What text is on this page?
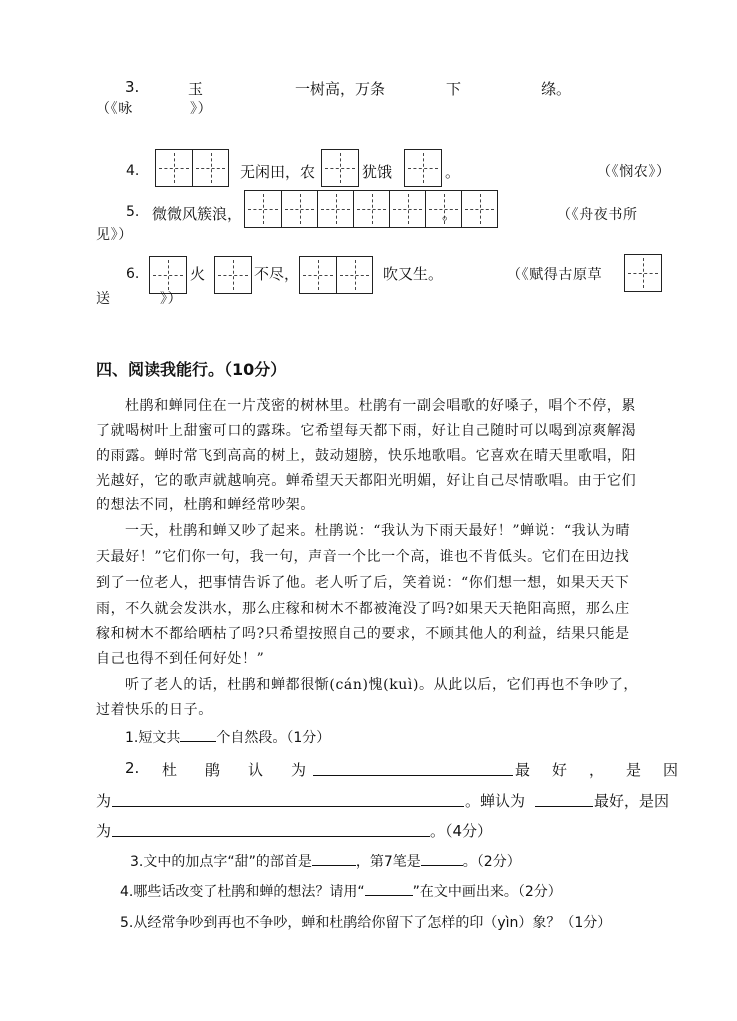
3.	玉	一树高，万条	下	绦。
（《咏	》）
4.	无闲田，农	犹饿	。	（《悯农》）
5. 微微风簇浪，	。	（《舟夜书所
见》）
6.	火	不尽，	吹又生。	（《赋得古原草
送	》）
四、阅读我能行。（10分）
杜鹃和蝉同住在一片茂密的树林里。杜鹃有一副会唱歌的好嗓子，唱个不停，累
了就喝树叶上甜蜜可口的露珠。它希望每天都下雨，好让自己随时可以喝到凉爽解渴
的雨露。蝉时常飞到高高的树上，鼓动翅膀，快乐地歌唱。它喜欢在晴天里歌唱，阳
光越好，它的歌声就越响亮。蝉希望天天都阳光明媚，好让自己尽情歌唱。由于它们
的想法不同，杜鹃和蝉经常吵架。
一天，杜鹃和蝉又吵了起来。杜鹃说：“我认为下雨天最好！”蝉说：“我认为晴
天最好！”它们你一句，我一句，声音一个比一个高，谁也不肯低头。它们在田边找
到了一位老人，把事情告诉了他。老人听了后，笑着说：“你们想一想，如果天天下
雨，不久就会发洪水，那么庄稼和树木不都被淹没了吗?如果天天艳阳高照，那么庄
稼和树木不都给晒枯了吗?只希望按照自己的要求，不顾其他人的利益，结果只能是
自己也得不到任何好处！”
听了老人的话，杜鹃和蝉都很惭(cán)愧(kuì)。从此以后，它们再也不争吵了，
过着快乐的日子。
1.短文共	个自然段。（1分）
2. 杜鹃认为	最好，是因
为	。蝉认为	最好，是因
为	。（4分）
3.文中的加点字“甜”的部首是	，第7笔是	。（2分）
4.哪些话改变了杜鹃和蝉的想法？请用“	”在文中画出来。（2分）
5.从经常争吵到再也不争吵，蝉和杜鹃给你留下了怎样的印（yìn）象？（1分）
